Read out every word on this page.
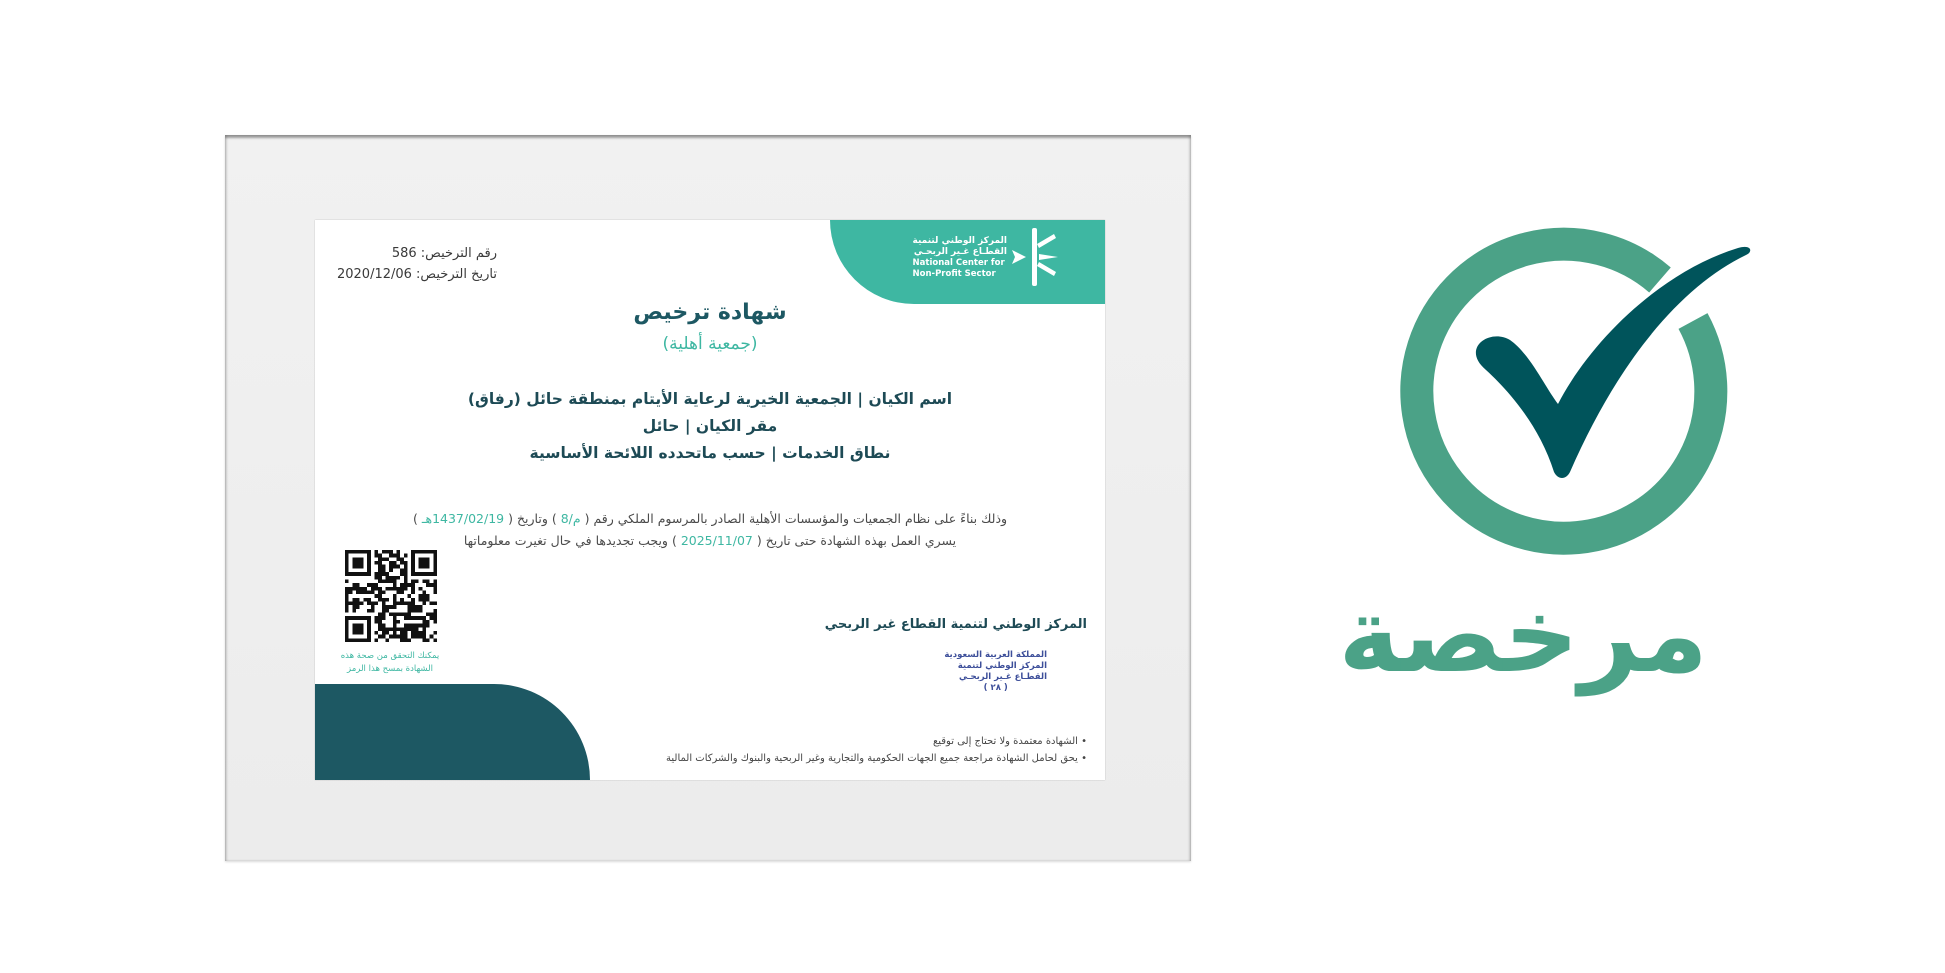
المركز الوطني لتنمية
القطـاع غـير الربحـي
National Center for
Non-Profit Sector
رقم الترخيص: 586
تاريخ الترخيص: 2020/12/06
شهادة ترخيص
(جمعية أهلية)
اسم الكيان | الجمعية الخيرية لرعاية الأيتام بمنطقة حائل (رفاق)
مقر الكيان | حائل
نطاق الخدمات | حسب ماتحدده اللائحة الأساسية
وذلك بناءً على نظام الجمعيات والمؤسسات الأهلية الصادر بالمرسوم الملكي رقم ( م/8 ) وتاريخ ( 1437/02/19هـ )
يسري العمل بهذه الشهادة حتى تاريخ ( 2025/11/07 ) ويجب تجديدها في حال تغيرت معلوماتها
يمكنك التحقق من صحة هذه
الشهادة بمسح هذا الرمز
المركز الوطني لتنمية القطاع غير الربحي
المملكة العربية السعودية
المركز الوطني لتنمية
القطـاع غـير الربحـي
( ٢٨ )
• الشهادة معتمدة ولا تحتاج إلى توقيع
• يحق لحامل الشهادة مراجعة جميع الجهات الحكومية والتجارية وغير الربحية والبنوك والشركات المالية
مرخصة
